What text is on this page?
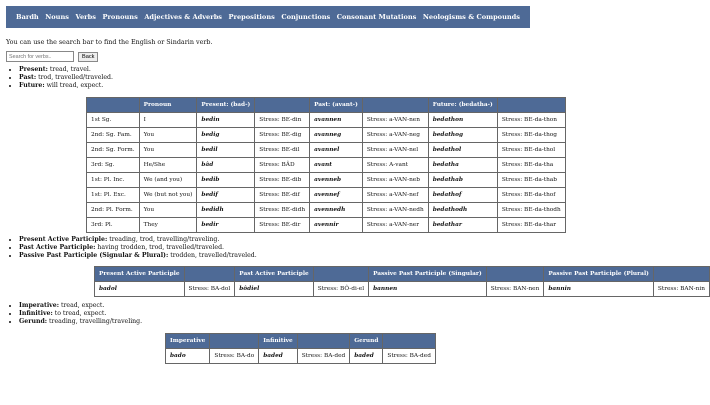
Bardh Nouns Verbs Pronouns Adjectives & Adverbs Prepositions Conjunctions Consonant Mutations Neologisms & Compounds
You can use the search bar to find the English or Sindarin verb.
Search for verbs..
Back
• Present: tread, travel.
• Past: trod, travelled/traveled.
• Future: will tread, expect.
	Pronoun	Present: (bad-)		Past: (avant-)		Future: (bedatha-)	
1st Sg.	I	bedin	Stress: BE-din	avannen	Stress: a-VAN-nen	bedathon	Stress: BE-da-thon
2nd: Sg. Fam.	You	bedig	Stress: BE-dig	avanneg	Stress: a-VAN-neg	bedathog	Stress: BE-da-thog
2nd: Sg. Form.	You	bedil	Stress: BE-dil	avannel	Stress: a-VAN-nel	bedathol	Stress: BE-da-thol
3rd: Sg.	He/She	bâd	Stress: BÂD	avant	Stress: A-vant	bedatha	Stress: BE-da-tha
1st: Pl. Inc.	We (and you)	bedib	Stress: BE-dib	avenneb	Stress: a-VAN-neb	bedathab	Stress: BE-da-thab
1st: Pl. Exc.	We (but not you)	bedif	Stress: BE-dif	avennef	Stress: a-VAN-nef	bedathof	Stress: BE-da-thof
2nd: Pl. Form.	You	bedidh	Stress: BE-didh	avennedh	Stress: a-VAN-nedh	bedathodh	Stress: BE-da-thodh
3rd: Pl.	They	bedir	Stress: BE-dir	avennir	Stress: a-VAN-ner	bedathar	Stress: BE-da-thar
• Present Active Participle: treading, trod, travelling/traveling.
• Past Active Participle: having trodden, trod, travelled/traveled.
• Passive Past Participle (Signular & Plural): trodden, travelled/traveled.
Present Active Participle		Past Active Participle		Passive Past Participle (Singular)		Passive Past Participle (Plural)	
badol	Stress: BA-dol	bôdiel	Stress: BÔ-di-el	bannen	Stress: BAN-nen	bannin	Stress: BAN-nin
• Imperative: tread, expect.
• Infinitive: to tread, expect.
• Gerund: treading, travelling/traveling.
Imperative		Infinitive		Gerund	
bado	Stress: BA-do	baded	Stress: BA-ded	baded	Stress: BA-ded
